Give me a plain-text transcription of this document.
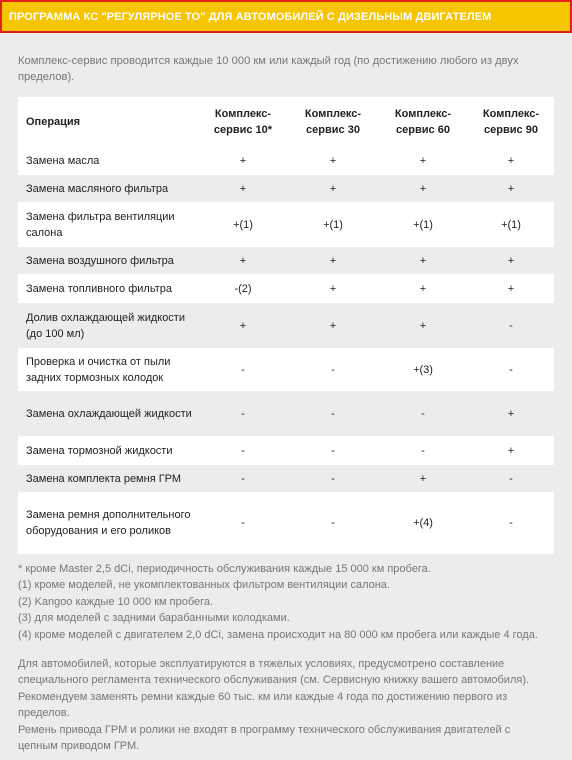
ПРОГРАММА КС "РЕГУЛЯРНОЕ ТО" ДЛЯ АВТОМОБИЛЕЙ С ДИЗЕЛЬНЫМ ДВИГАТЕЛЕМ
Комплекс-сервис проводится каждые 10 000 км или каждый год (по достижению любого из двух пределов).
Операция	Комплекс-сервис 10*	Комплекс-сервис 30	Комплекс-сервис 60	Комплекс-сервис 90
Замена масла	+	+	+	+
Замена масляного фильтра	+	+	+	+
Замена фильтра вентиляции салона	+(1)	+(1)	+(1)	+(1)
Замена воздушного фильтра	+	+	+	+
Замена топливного фильтра	-(2)	+	+	+
Долив охлаждающей жидкости (до 100 мл)	+	+	+	-
Проверка и очистка от пыли задних тормозных колодок	-	-	+(3)	-
Замена охлаждающей жидкости	-	-	-	+
Замена тормозной жидкости	-	-	-	+
Замена комплекта ремня ГРМ	-	-	+	-
Замена ремня дополнительного оборудования и его роликов	-	-	+(4)	-
* кроме Master 2,5 dCi, периодичность обслуживания каждые 15 000 км пробега.
(1) кроме моделей, не укомплектованных фильтром вентиляции салона.
(2) Kangoo каждые 10 000 км пробега.
(3) для моделей с задними барабанными колодками.
(4) кроме моделей с двигателем 2,0 dCi, замена происходит на 80 000 км пробега или каждые 4 года.
Для автомобилей, которые эксплуатируются в тяжелых условиях, предусмотрено составление специального регламента технического обслуживания (см. Сервисную книжку вашего автомобиля).
Рекомендуем заменять ремни каждые 60 тыс. км или каждые 4 года по достижению первого из пределов.
Ремень привода ГРМ и ролики не входят в программу технического обслуживания двигателей с цепным приводом ГРМ.
